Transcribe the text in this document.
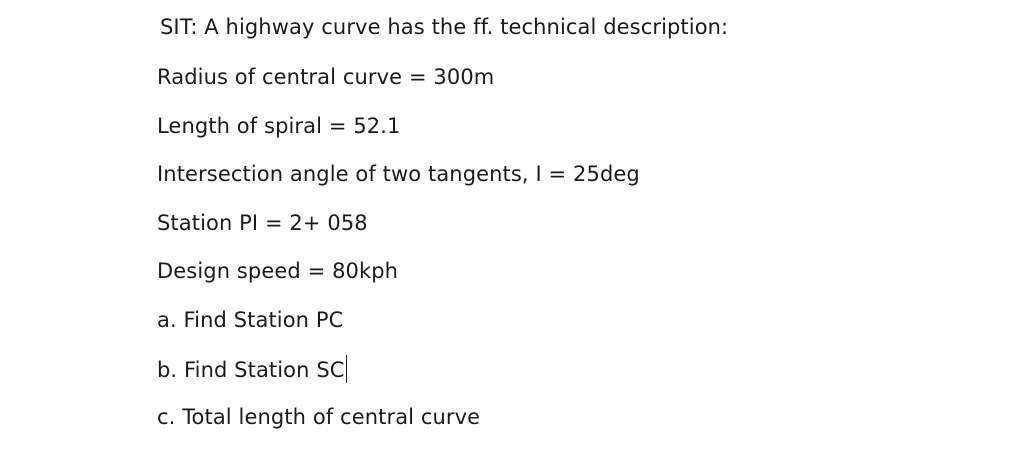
SIT: A highway curve has the ff. technical description:
Radius of central curve = 300m
Length of spiral = 52.1
Intersection angle of two tangents, I = 25deg
Station PI = 2+ 058
Design speed = 80kph
a. Find Station PC
b. Find Station SC
c. Total length of central curve
